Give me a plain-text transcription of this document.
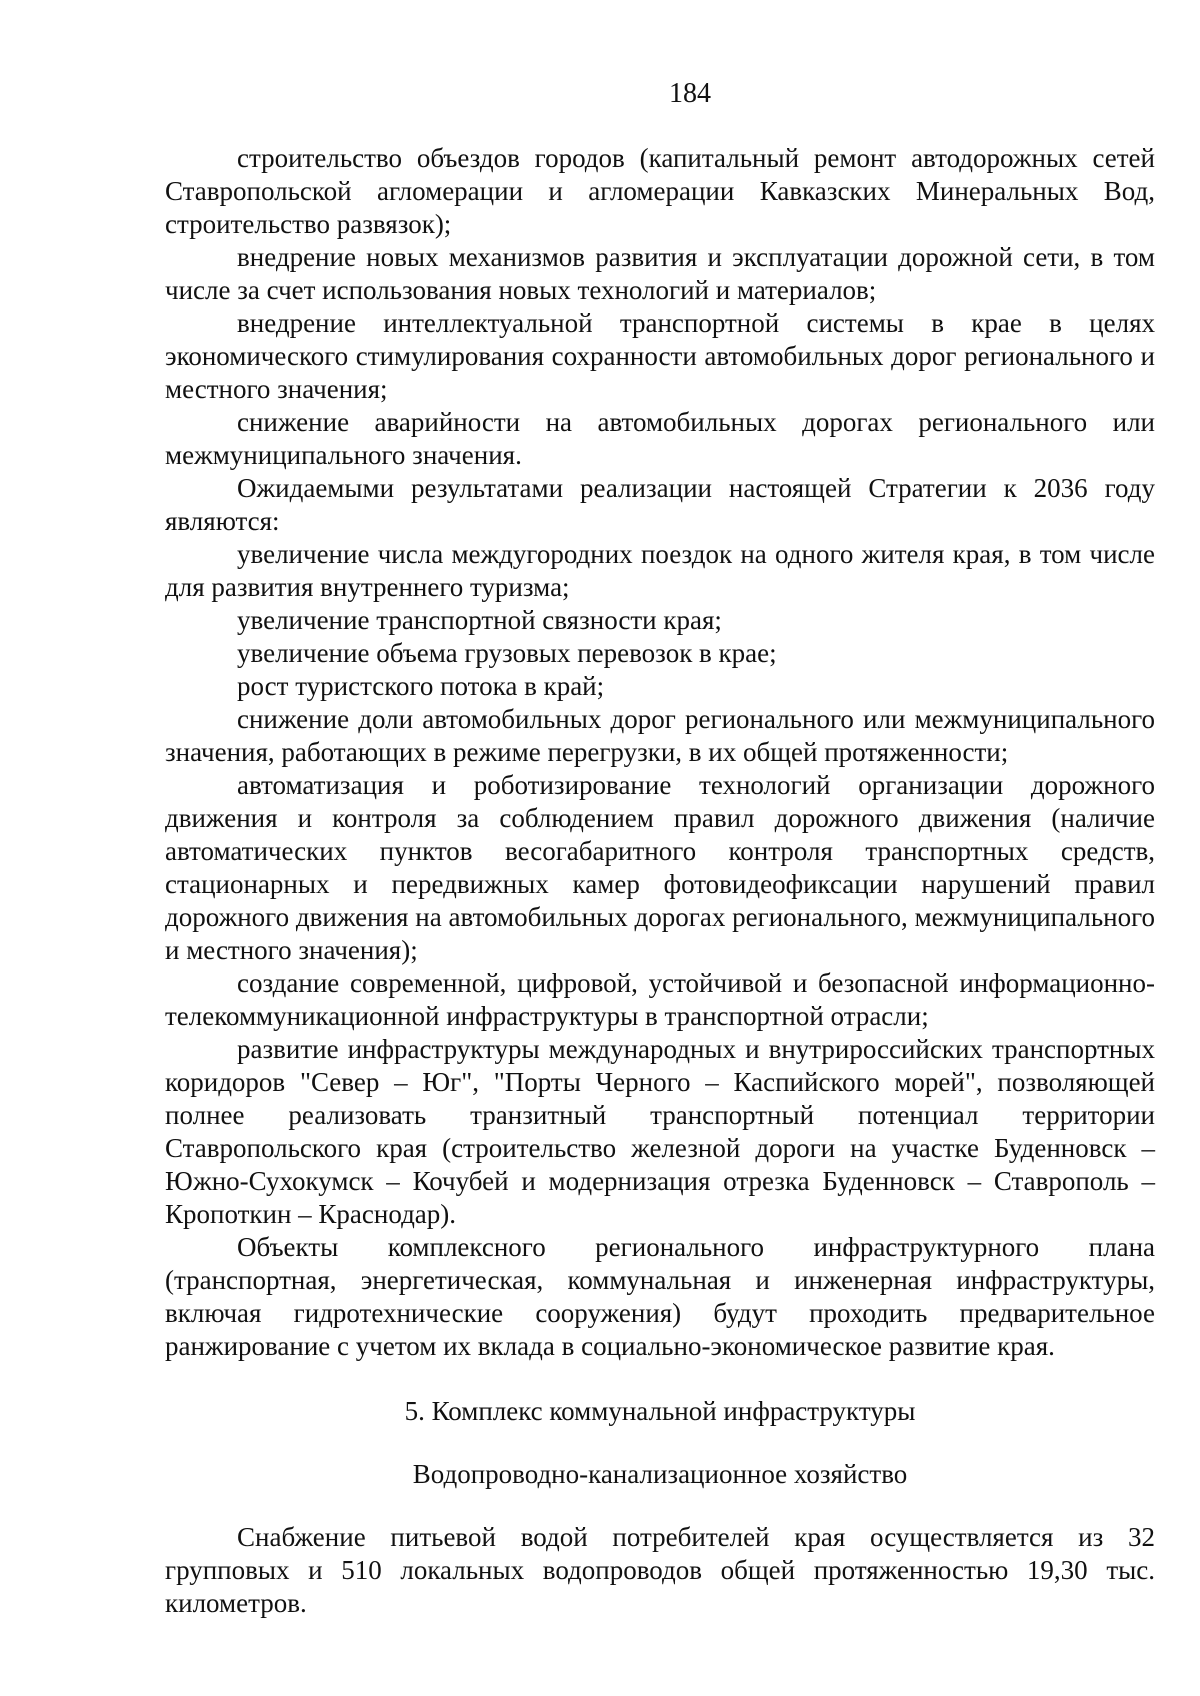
184

строительство объездов городов (капитальный ремонт автодорожных сетей Ставропольской агломерации и агломерации Кавказских Минеральных Вод, строительство развязок);

внедрение новых механизмов развития и эксплуатации дорожной сети, в том числе за счет использования новых технологий и материалов;

внедрение интеллектуальной транспортной системы в крае в целях экономического стимулирования сохранности автомобильных дорог регионального и местного значения;

снижение аварийности на автомобильных дорогах регионального или межмуниципального значения.

Ожидаемыми результатами реализации настоящей Стратегии к 2036 году являются:

увеличение числа междугородних поездок на одного жителя края, в том числе для развития внутреннего туризма;

увеличение транспортной связности края;

увеличение объема грузовых перевозок в крае;

рост туристского потока в край;

снижение доли автомобильных дорог регионального или межмуниципального значения, работающих в режиме перегрузки, в их общей протяженности;

автоматизация и роботизирование технологий организации дорожного движения и контроля за соблюдением правил дорожного движения (наличие автоматических пунктов весогабаритного контроля транспортных средств, стационарных и передвижных камер фотовидеофиксации нарушений правил дорожного движения на автомобильных дорогах регионального, межмуниципального и местного значения);

создание современной, цифровой, устойчивой и безопасной информационно-телекоммуникационной инфраструктуры в транспортной отрасли;

развитие инфраструктуры международных и внутрироссийских транспортных коридоров "Север – Юг", "Порты Черного – Каспийского морей", позволяющей полнее реализовать транзитный транспортный потенциал территории Ставропольского края (строительство железной дороги на участке Буденновск – Южно-Сухокумск – Кочубей и модернизация отрезка Буденновск – Ставрополь – Кропоткин – Краснодар).

Объекты комплексного регионального инфраструктурного плана (транспортная, энергетическая, коммунальная и инженерная инфраструктуры, включая гидротехнические сооружения) будут проходить предварительное ранжирование с учетом их вклада в социально-экономическое развитие края.

5. Комплекс коммунальной инфраструктуры

Водопроводно-канализационное хозяйство

Снабжение питьевой водой потребителей края осуществляется из 32 групповых и 510 локальных водопроводов общей протяженностью 19,30 тыс. километров.
